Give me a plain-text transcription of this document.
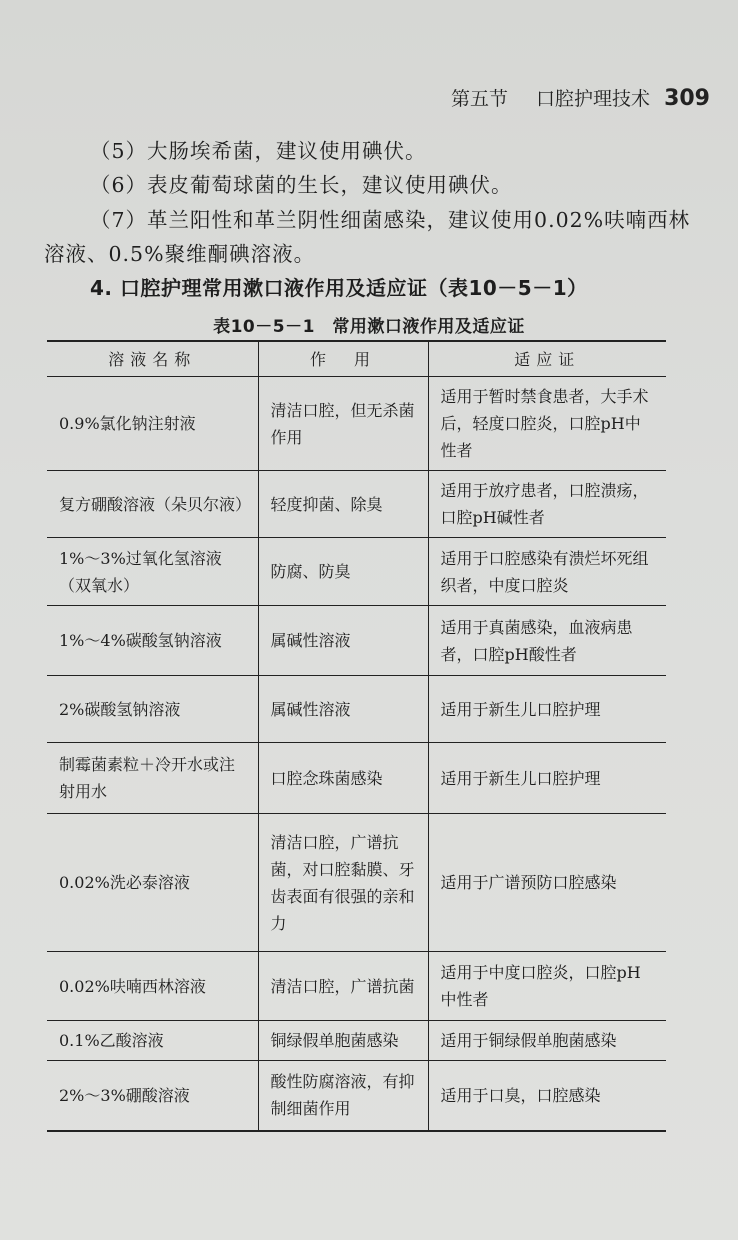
第五节 口腔护理技术 309
（5）大肠埃希菌，建议使用碘伏。
（6）表皮葡萄球菌的生长，建议使用碘伏。
（7）革兰阳性和革兰阴性细菌感染，建议使用0.02%呋喃西林溶液、0.5%聚维酮碘溶液。
4. 口腔护理常用漱口液作用及适应证（表10－5－1）
表10－5－1　常用漱口液作用及适应证
溶液名称	作　用	适应证
0.9%氯化钠注射液	清洁口腔，但无杀菌作用	适用于暂时禁食患者，大手术后，轻度口腔炎，口腔pH中性者
复方硼酸溶液（朵贝尔液）	轻度抑菌、除臭	适用于放疗患者，口腔溃疡，口腔pH碱性者
1%～3%过氧化氢溶液（双氧水）	防腐、防臭	适用于口腔感染有溃烂坏死组织者，中度口腔炎
1%～4%碳酸氢钠溶液	属碱性溶液	适用于真菌感染，血液病患者，口腔pH酸性者
2%碳酸氢钠溶液	属碱性溶液	适用于新生儿口腔护理
制霉菌素粒＋冷开水或注射用水	口腔念珠菌感染	适用于新生儿口腔护理
0.02%洗必泰溶液	清洁口腔，广谱抗菌，对口腔黏膜、牙齿表面有很强的亲和力	适用于广谱预防口腔感染
0.02%呋喃西林溶液	清洁口腔，广谱抗菌	适用于中度口腔炎，口腔pH中性者
0.1%乙酸溶液	铜绿假单胞菌感染	适用于铜绿假单胞菌感染
2%～3%硼酸溶液	酸性防腐溶液，有抑制细菌作用	适用于口臭，口腔感染
